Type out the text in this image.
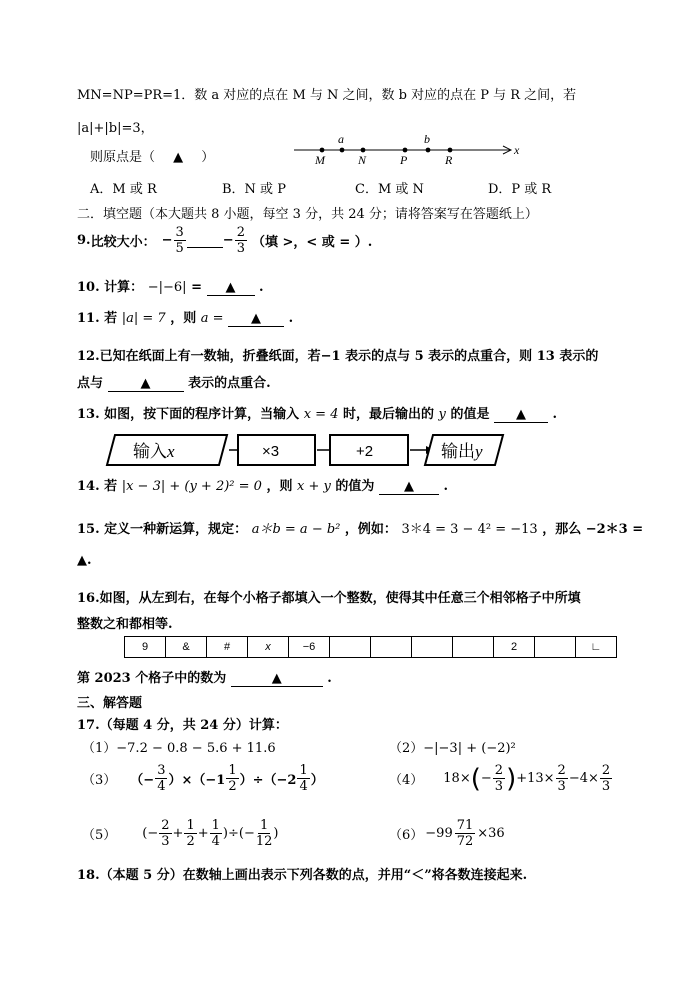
MN=NP=PR=1．数 a 对应的点在 M 与 N 之间，数 b 对应的点在 P 与 R 之间，若
|a|+|b|=3，
则原点是（ ▲ ）
a	b
M	N	P	R
x
A．M 或 R	B．N 或 P	C．M 或 N	D．P 或 R
二．填空题（本大题共 8 小题，每空 3 分，共 24 分；请将答案写在答题纸上）
9. 比较大小： − $\frac{3}{5}$	− $\frac{2}{3}$ （填 >，< 或 = ）.
10. 计算： −|−6| = ▲ .
11. 若 |a| = 7 ，则 a = ▲ .
12.已知在纸面上有一数轴，折叠纸面，若−1 表示的点与 5 表示的点重合，则 13 表示的
点与	▲	表示的点重合.
13. 如图，按下面的程序计算，当输入 x = 4 时，最后输出的 y 的值是 ▲ .
输入 x	×3	+2	输出 y
14. 若 |x − 3| + (y + 2)² = 0 ，则 x + y 的值为 ▲ .
15. 定义一种新运算，规定： a＊b = a − b² ，例如： 3＊4 = 3 − 4² = −13 ，那么 −2＊3 =
▲.
16.如图，从左到右，在每个小格子都填入一个整数，使得其中任意三个相邻格子中所填
整数之和都相等.
9	&	#	x	−6					2		∟
第 2023 个格子中的数为	▲	.
三、解答题
17.（每题 4 分，共 24 分）计算：
（1）−7.2 − 0.8 − 5.6 + 11.6	（2）−|−3| + (−2)²
（3） （− $\frac{3}{4} )\times(-1 \frac{1}{2} )\div(-2 \frac{1}{4}$ ）	（4） 18× ( − $\frac{2}{3}$ ) $+13\times \frac{2}{3} -4\times \frac{2}{3}$
（5） (− $\frac{2}{3} + \frac{1}{2} + \frac{1}{4}$ )÷(− $\frac{1}{12}$ )	$(6) -99 \frac{71}{72} \times 36$
18.（本题 5 分）在数轴上画出表示下列各数的点，并用“＜”将各数连接起来.
